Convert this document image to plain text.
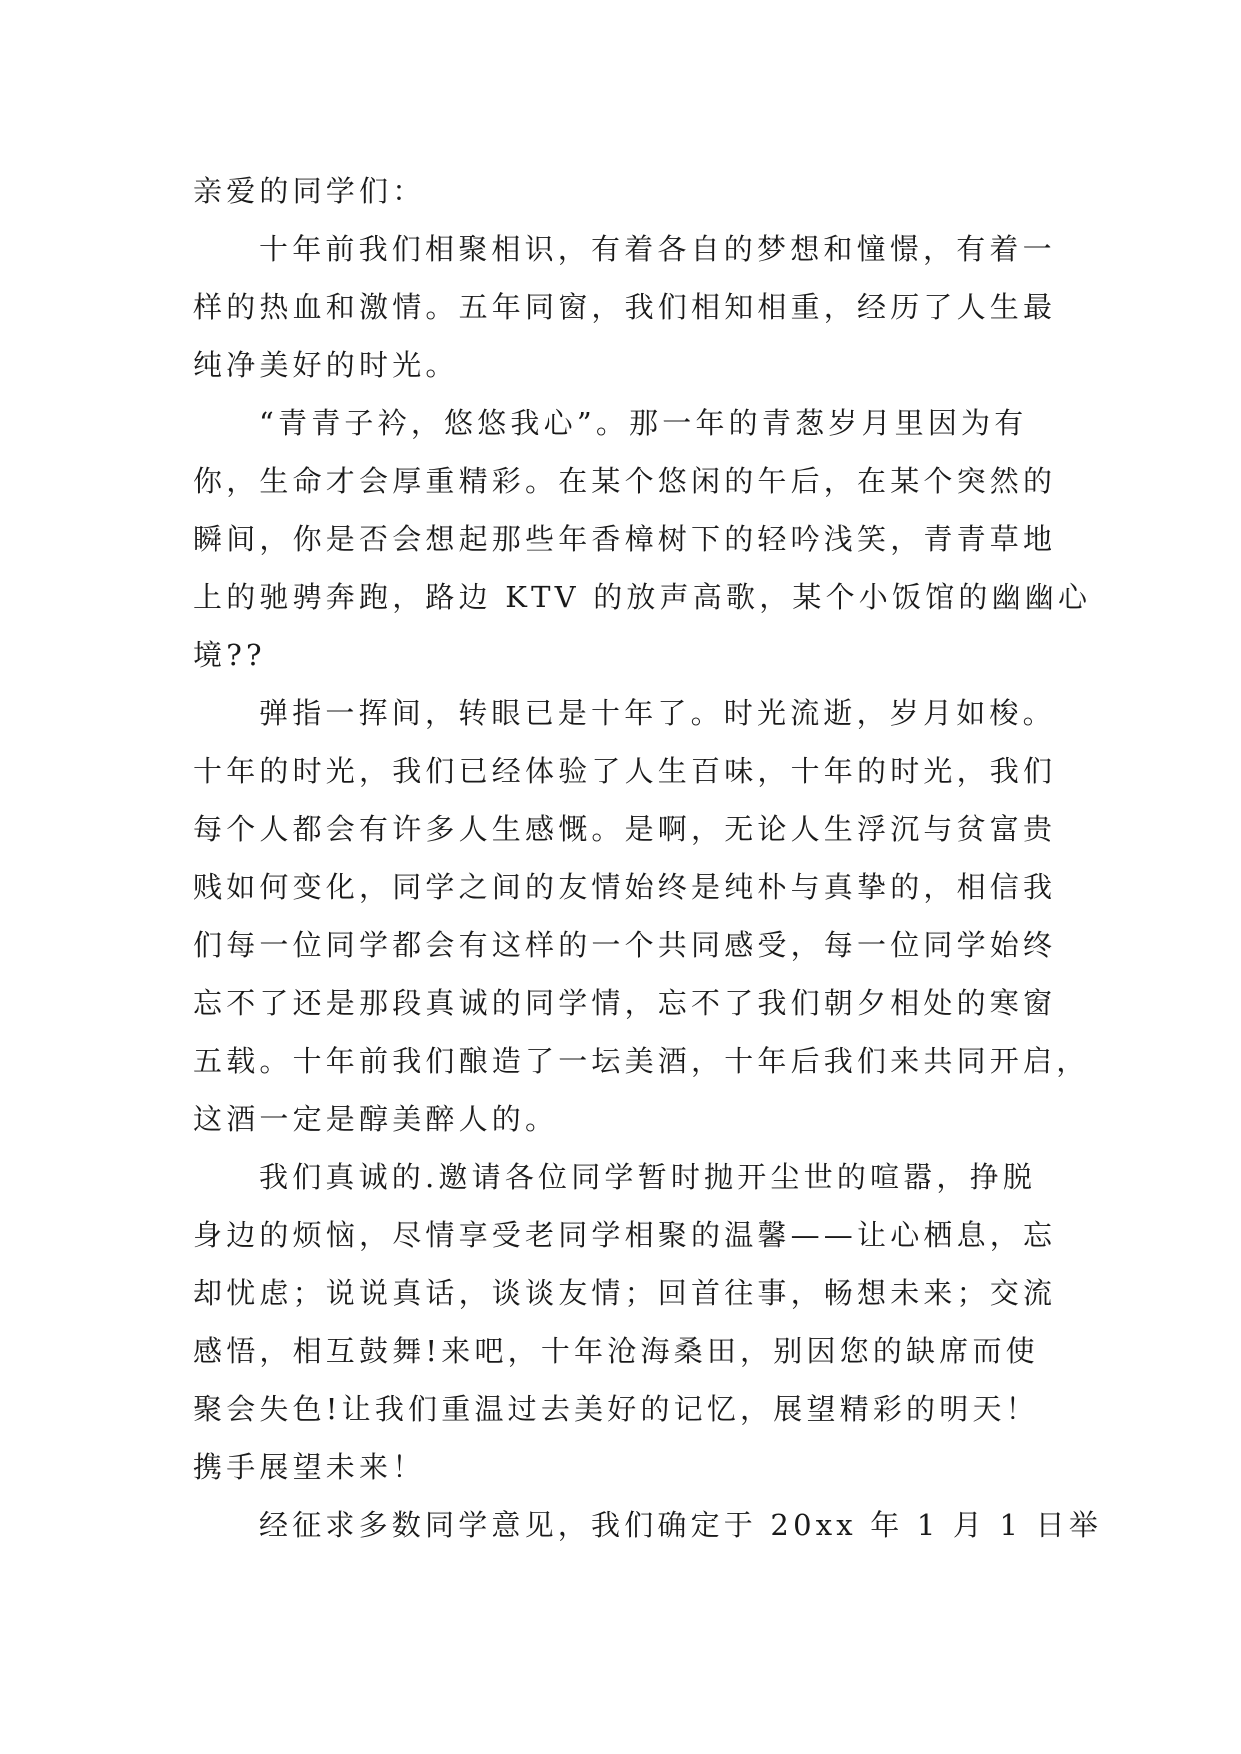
亲爱的同学们：
十年前我们相聚相识，有着各自的梦想和憧憬，有着一
样的热血和激情。五年同窗，我们相知相重，经历了人生最
纯净美好的时光。
“青青子衿，悠悠我心”。那一年的青葱岁月里因为有
你，生命才会厚重精彩。在某个悠闲的午后，在某个突然的
瞬间，你是否会想起那些年香樟树下的轻吟浅笑，青青草地
上的驰骋奔跑，路边 KTV 的放声高歌，某个小饭馆的幽幽心
境??
弹指一挥间，转眼已是十年了。时光流逝，岁月如梭。
十年的时光，我们已经体验了人生百味，十年的时光，我们
每个人都会有许多人生感慨。是啊，无论人生浮沉与贫富贵
贱如何变化，同学之间的友情始终是纯朴与真挚的，相信我
们每一位同学都会有这样的一个共同感受，每一位同学始终
忘不了还是那段真诚的同学情，忘不了我们朝夕相处的寒窗
五载。十年前我们酿造了一坛美酒，十年后我们来共同开启，
这酒一定是醇美醉人的。
我们真诚的.邀请各位同学暂时抛开尘世的喧嚣，挣脱
身边的烦恼，尽情享受老同学相聚的温馨——让心栖息，忘
却忧虑；说说真话，谈谈友情；回首往事，畅想未来；交流
感悟，相互鼓舞!来吧，十年沧海桑田，别因您的缺席而使
聚会失色!让我们重温过去美好的记忆，展望精彩的明天！
携手展望未来！
经征求多数同学意见，我们确定于 20xx 年 1 月 1 日举
